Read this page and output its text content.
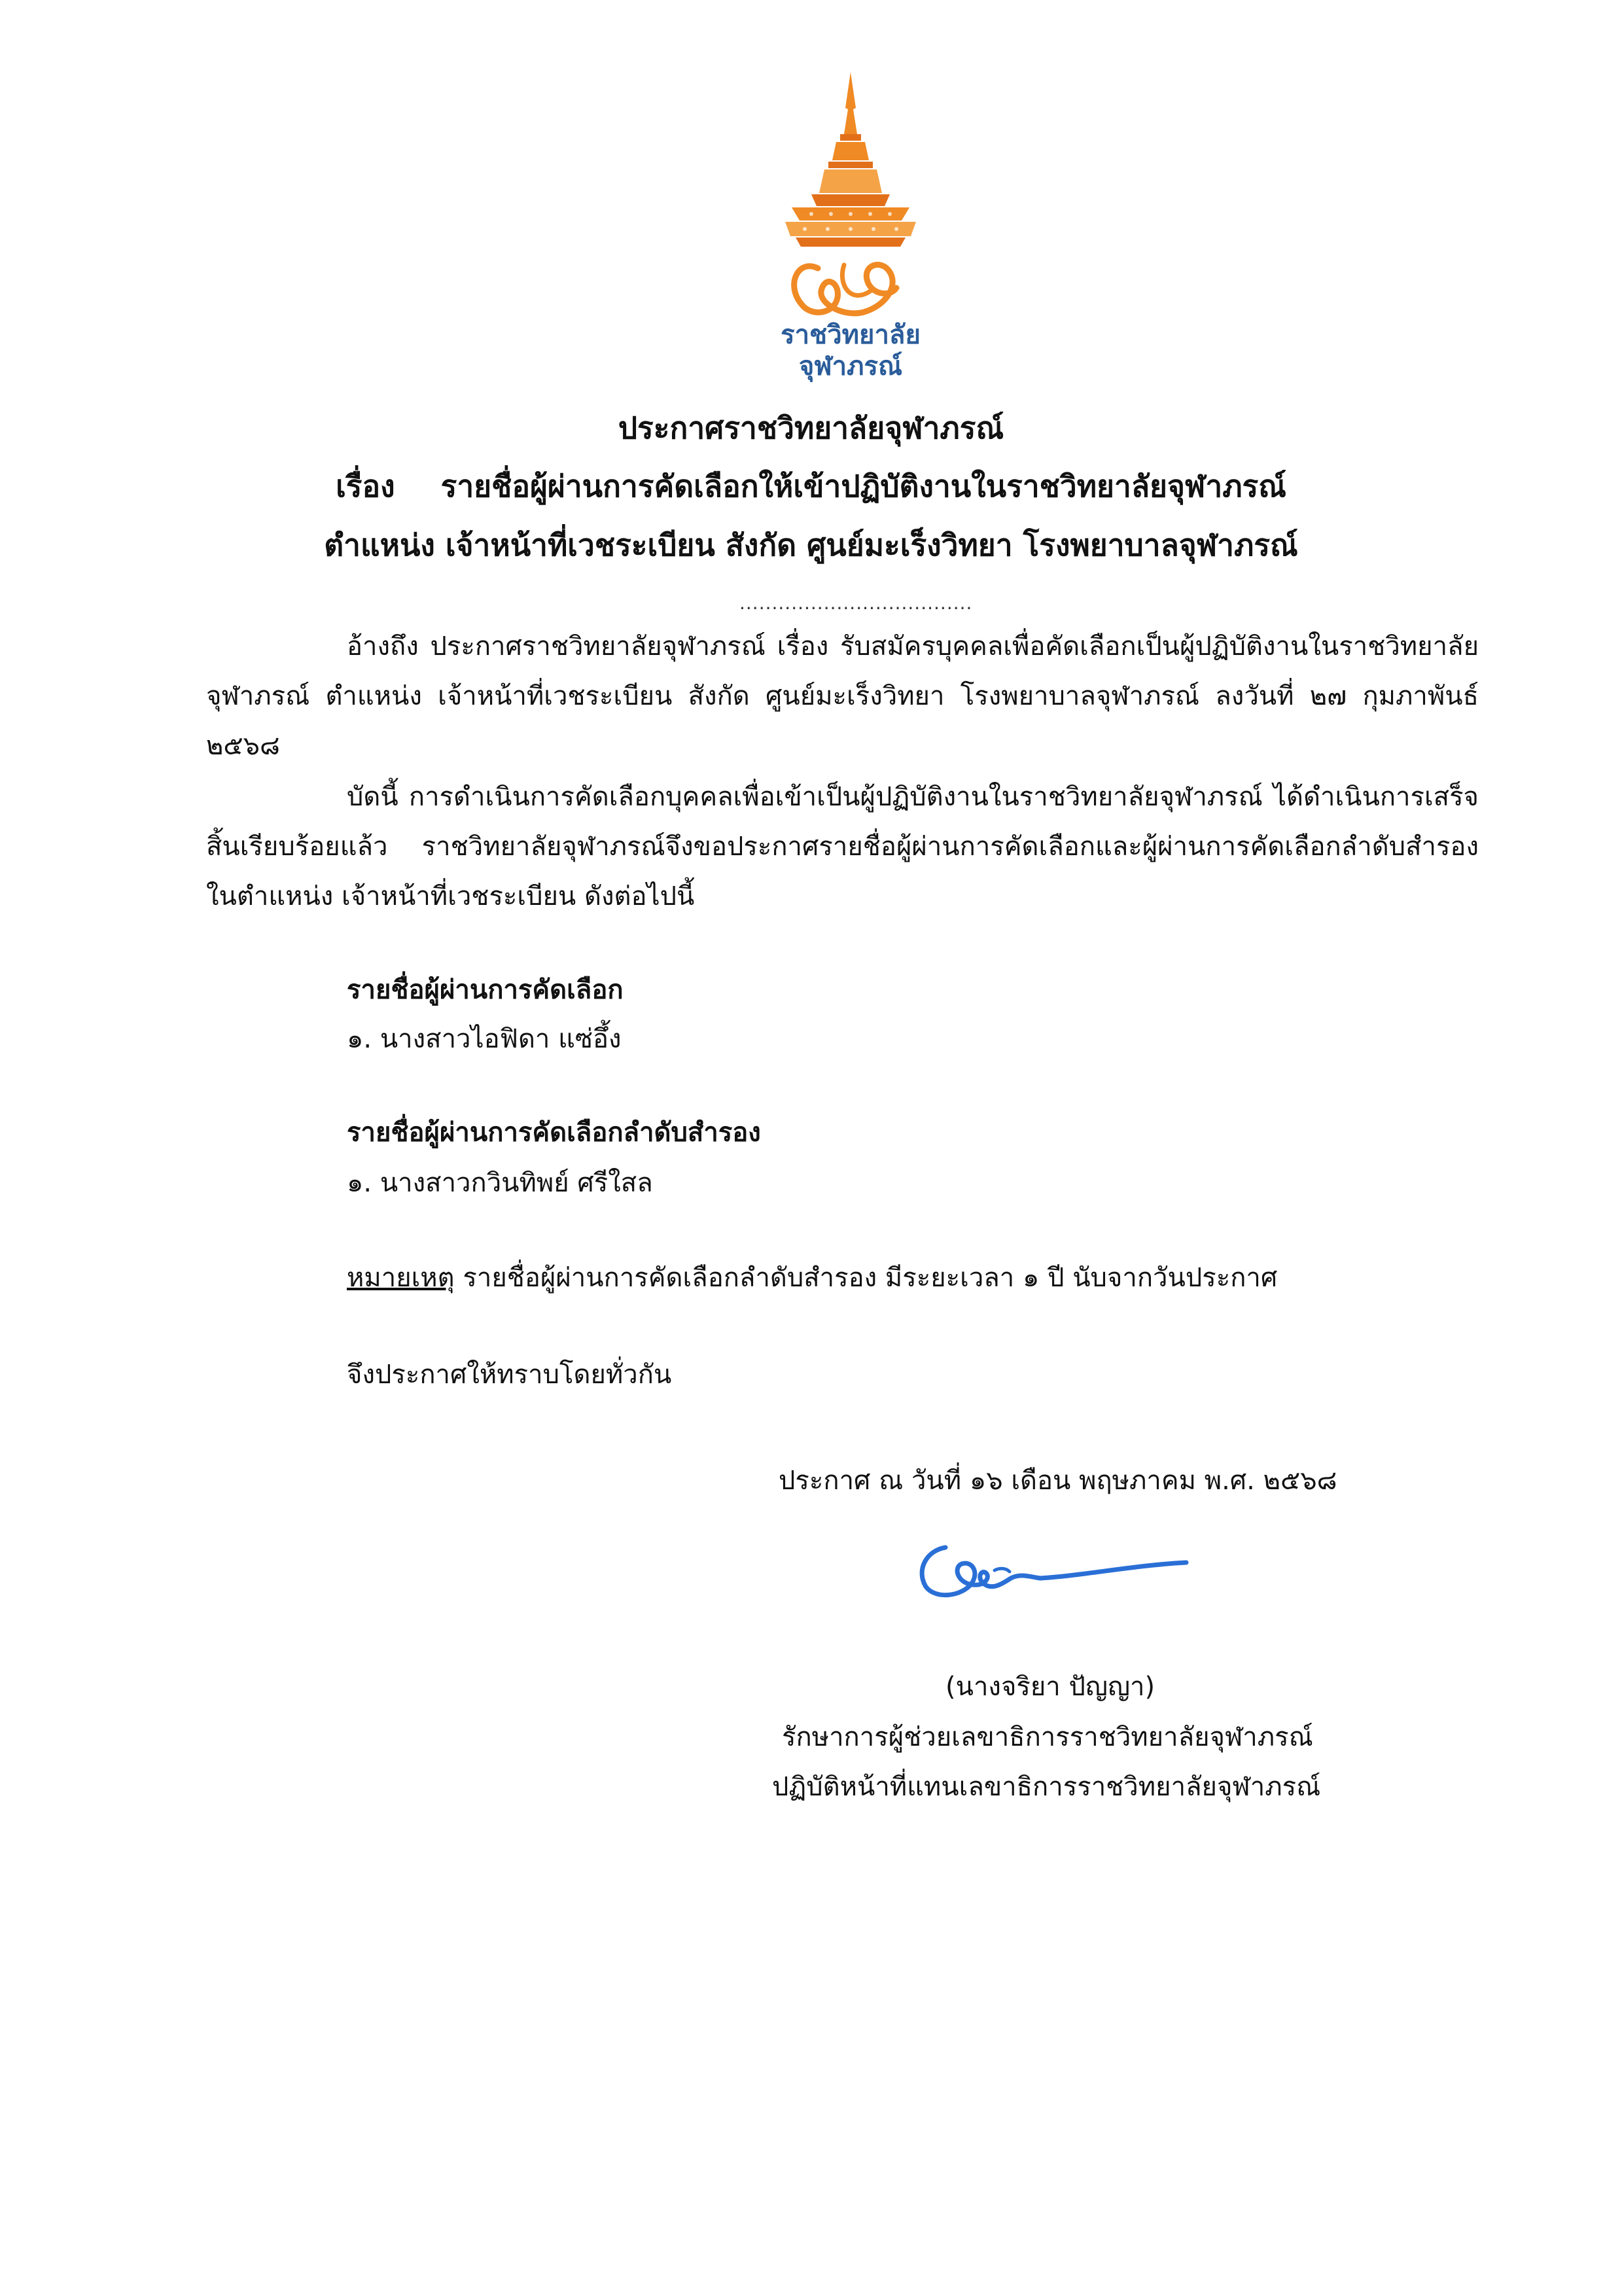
ราชวิทยาลัย
จุฬาภรณ์
ประกาศราชวิทยาลัยจุฬาภรณ์
เรื่อง รายชื่อผู้ผ่านการคัดเลือกให้เข้าปฏิบัติงานในราชวิทยาลัยจุฬาภรณ์
ตำแหน่ง เจ้าหน้าที่เวชระเบียน สังกัด ศูนย์มะเร็งวิทยา โรงพยาบาลจุฬาภรณ์
....................................

อ้างถึง ประกาศราชวิทยาลัยจุฬาภรณ์ เรื่อง รับสมัครบุคคลเพื่อคัดเลือกเป็นผู้ปฏิบัติงานในราชวิทยาลัยจุฬาภรณ์ ตำแหน่ง เจ้าหน้าที่เวชระเบียน สังกัด ศูนย์มะเร็งวิทยา โรงพยาบาลจุฬาภรณ์ ลงวันที่ ๒๗ กุมภาพันธ์ ๒๕๖๘

บัดนี้ การดำเนินการคัดเลือกบุคคลเพื่อเข้าเป็นผู้ปฏิบัติงานในราชวิทยาลัยจุฬาภรณ์ ได้ดำเนินการเสร็จสิ้นเรียบร้อยแล้ว ราชวิทยาลัยจุฬาภรณ์จึงขอประกาศรายชื่อผู้ผ่านการคัดเลือกและผู้ผ่านการคัดเลือกลำดับสำรอง ในตำแหน่ง เจ้าหน้าที่เวชระเบียน ดังต่อไปนี้

รายชื่อผู้ผ่านการคัดเลือก

๑. นางสาวไอฟิดา แซ่อึ้ง

รายชื่อผู้ผ่านการคัดเลือกลำดับสำรอง

๑. นางสาวกวินทิพย์ ศรีใสล

หมายเหตุ รายชื่อผู้ผ่านการคัดเลือกลำดับสำรอง มีระยะเวลา ๑ ปี นับจากวันประกาศ

จึงประกาศให้ทราบโดยทั่วกัน

ประกาศ ณ วันที่ ๑๖ เดือน พฤษภาคม พ.ศ. ๒๕๖๘

(นางจริยา ปัญญา)

รักษาการผู้ช่วยเลขาธิการราชวิทยาลัยจุฬาภรณ์

ปฏิบัติหน้าที่แทนเลขาธิการราชวิทยาลัยจุฬาภรณ์
